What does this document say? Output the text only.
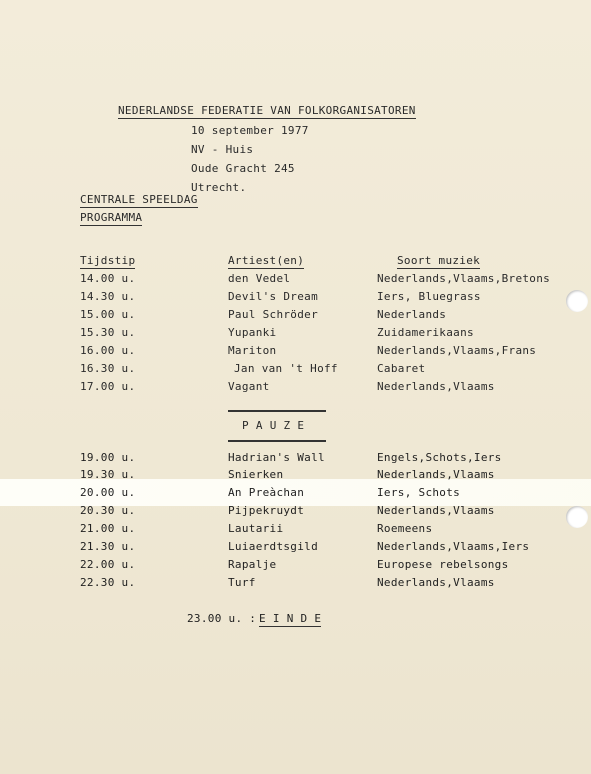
NEDERLANDSE FEDERATIE VAN FOLKORGANISATOREN
10 september 1977
NV - Huis
Oude Gracht 245
Utrecht.
CENTRALE SPEELDAG
PROGRAMMA
Tijdstip	Artiest(en)	Soort muziek
14.00 u.	den Vedel	Nederlands,Vlaams,Bretons
14.30 u.	Devil's Dream	Iers, Bluegrass
15.00 u.	Paul Schröder	Nederlands
15.30 u.	Yupanki	Zuidamerikaans
16.00 u.	Mariton	Nederlands,Vlaams,Frans
16.30 u.	Jan van 't Hoff	Cabaret
17.00 u.	Vagant	Nederlands,Vlaams
P A U Z E
19.00 u.	Hadrian's Wall	Engels,Schots,Iers
19.30 u.	Snierken	Nederlands,Vlaams
20.00 u.	An Preàchan	Iers, Schots
20.30 u.	Pijpekruydt	Nederlands,Vlaams
21.00 u.	Lautarii	Roemeens
21.30 u.	Luiaerdtsgild	Nederlands,Vlaams,Iers
22.00 u.	Rapalje	Europese rebelsongs
22.30 u.	Turf	Nederlands,Vlaams
23.00 u. : E I N D E
